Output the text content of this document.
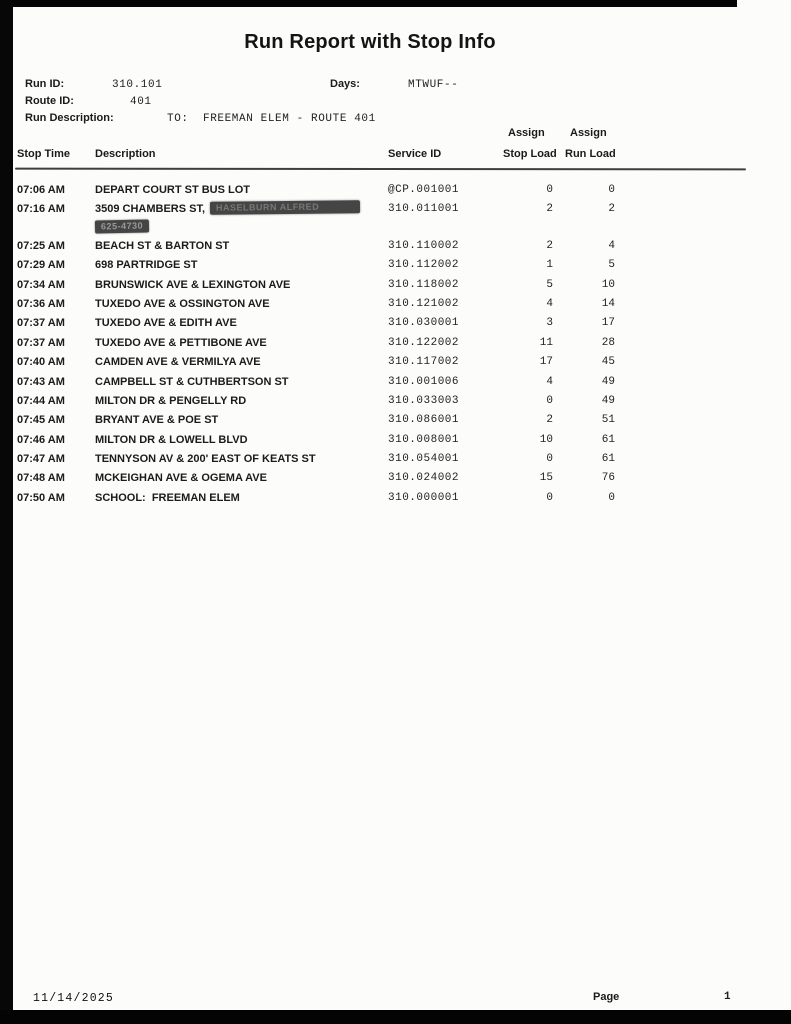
Run Report with Stop Info
Run ID:	310.101	Days:	MTWUF--
Route ID:	401
Run Description:	TO:  FREEMAN ELEM - ROUTE 401
Assign Assign
Stop Time Description	Service ID	Stop Load Run Load
07:06 AM	DEPART COURT ST BUS LOT	@CP.001001	0	0
07:16 AM	3509 CHAMBERS ST, HASELBURN ALFRED	310.011001	2	2
625-4730
07:25 AM	BEACH ST & BARTON ST	310.110002	2	4
07:29 AM	698 PARTRIDGE ST	310.112002	1	5
07:34 AM	BRUNSWICK AVE & LEXINGTON AVE	310.118002	5	10
07:36 AM	TUXEDO AVE & OSSINGTON AVE	310.121002	4	14
07:37 AM	TUXEDO AVE & EDITH AVE	310.030001	3	17
07:37 AM	TUXEDO AVE & PETTIBONE AVE	310.122002	11	28
07:40 AM	CAMDEN AVE & VERMILYA AVE	310.117002	17	45
07:43 AM	CAMPBELL ST & CUTHBERTSON ST	310.001006	4	49
07:44 AM	MILTON DR & PENGELLY RD	310.033003	0	49
07:45 AM	BRYANT AVE & POE ST	310.086001	2	51
07:46 AM	MILTON DR & LOWELL BLVD	310.008001	10	61
07:47 AM	TENNYSON AV & 200' EAST OF KEATS ST	310.054001	0	61
07:48 AM	MCKEIGHAN AVE & OGEMA AVE	310.024002	15	76
07:50 AM	SCHOOL:  FREEMAN ELEM	310.000001	0	0
11/14/2025	Page	1
